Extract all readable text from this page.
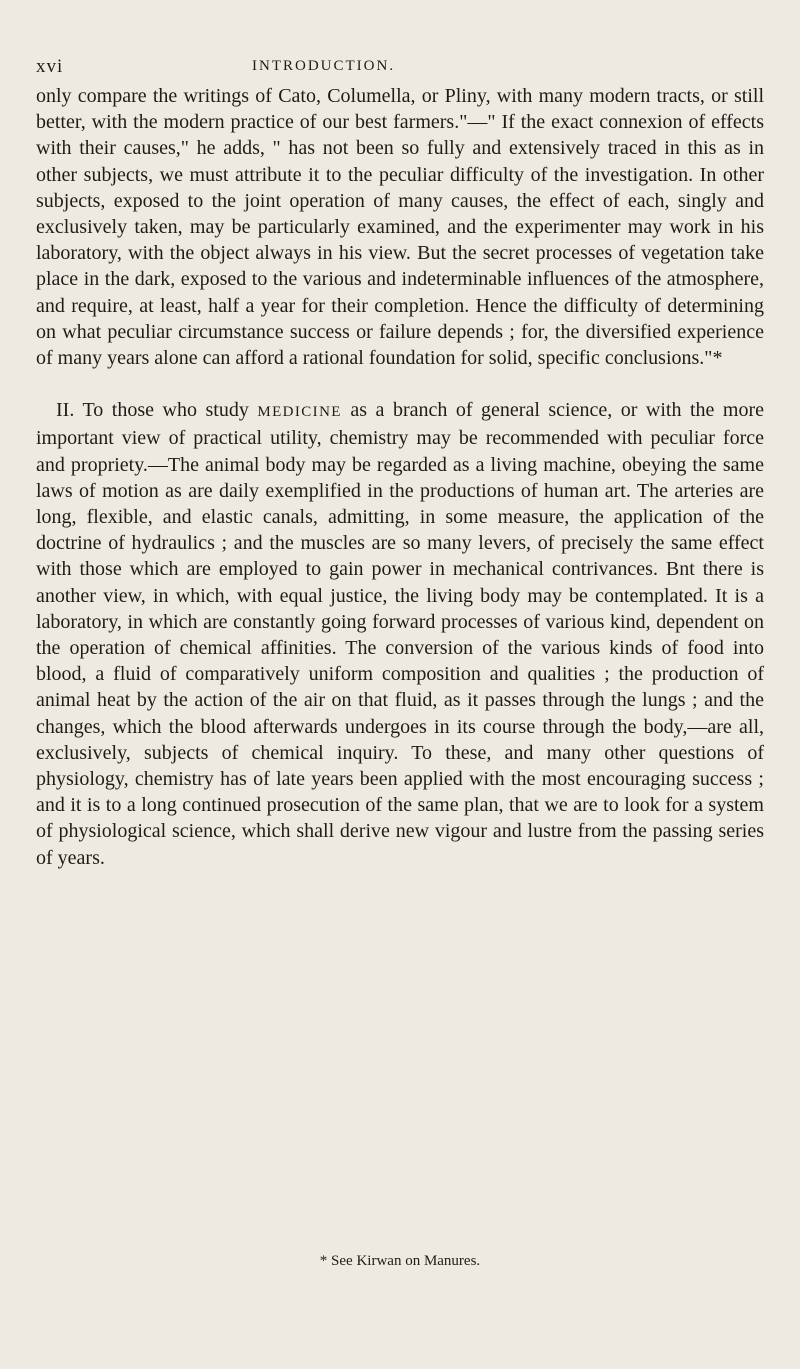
xvi	INTRODUCTION.

only compare the writings of Cato, Columella, or Pliny, with many modern tracts, or still better, with the modern practice of our best farmers."—" If the exact connexion of effects with their causes," he adds, " has not been so fully and extensively traced in this as in other subjects, we must attribute it to the peculiar difficulty of the investigation. In other subjects, exposed to the joint operation of many causes, the effect of each, singly and exclusively taken, may be particularly examined, and the experimenter may work in his laboratory, with the object always in his view. But the secret processes of vegetation take place in the dark, exposed to the various and indeterminable influences of the atmosphere, and require, at least, half a year for their completion. Hence the difficulty of determining on what peculiar circumstance success or failure depends ; for, the diversified experience of many years alone can afford a rational foundation for solid, specific conclusions."*

II. To those who study MEDICINE as a branch of general science, or with the more important view of practical utility, chemistry may be recommended with peculiar force and propriety.—The animal body may be regarded as a living machine, obeying the same laws of motion as are daily exemplified in the productions of human art. The arteries are long, flexible, and elastic canals, admitting, in some measure, the application of the doctrine of hydraulics ; and the muscles are so many levers, of precisely the same effect with those which are employed to gain power in mechanical contrivances. Bnt there is another view, in which, with equal justice, the living body may be contemplated. It is a laboratory, in which are constantly going forward processes of various kind, dependent on the operation of chemical affinities. The conversion of the various kinds of food into blood, a fluid of comparatively uniform composition and qualities ; the production of animal heat by the action of the air on that fluid, as it passes through the lungs ; and the changes, which the blood afterwards undergoes in its course through the body,—are all, exclusively, subjects of chemical inquiry. To these, and many other questions of physiology, chemistry has of late years been applied with the most encouraging success ; and it is to a long continued prosecution of the same plan, that we are to look for a system of physiological science, which shall derive new vigour and lustre from the passing series of years.

* See Kirwan on Manures.
